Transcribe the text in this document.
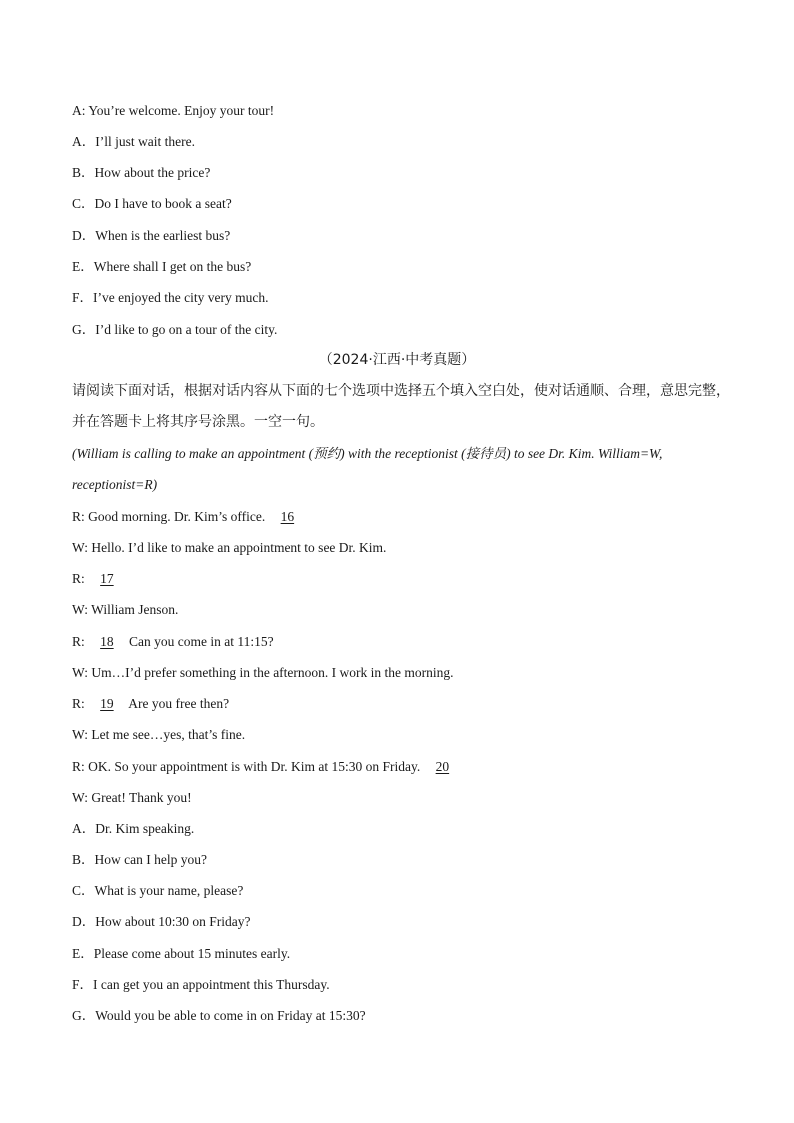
A: You’re welcome. Enjoy your tour!
A．I’ll just wait there.
B．How about the price?
C．Do I have to book a seat?
D．When is the earliest bus?
E．Where shall I get on the bus?
F．I’ve enjoyed the city very much.
G．I’d like to go on a tour of the city.
（2024·江西·中考真题）
请阅读下面对话，根据对话内容从下面的七个选项中选择五个填入空白处，使对话通顺、合理，意思完整，
并在答题卡上将其序号涂黑。一空一句。
(William is calling to make an appointment (预约) with the receptionist (接待员) to see Dr. Kim. William=W,
receptionist=R)
R: Good morning. Dr. Kim’s office. 16
W: Hello. I’d like to make an appointment to see Dr. Kim.
R: 17
W: William Jenson.
R: 18 Can you come in at 11:15?
W: Um…I’d prefer something in the afternoon. I work in the morning.
R: 19 Are you free then?
W: Let me see…yes, that’s fine.
R: OK. So your appointment is with Dr. Kim at 15:30 on Friday. 20
W: Great! Thank you!
A．Dr. Kim speaking.
B．How can I help you?
C．What is your name, please?
D．How about 10:30 on Friday?
E．Please come about 15 minutes early.
F．I can get you an appointment this Thursday.
G．Would you be able to come in on Friday at 15:30?
